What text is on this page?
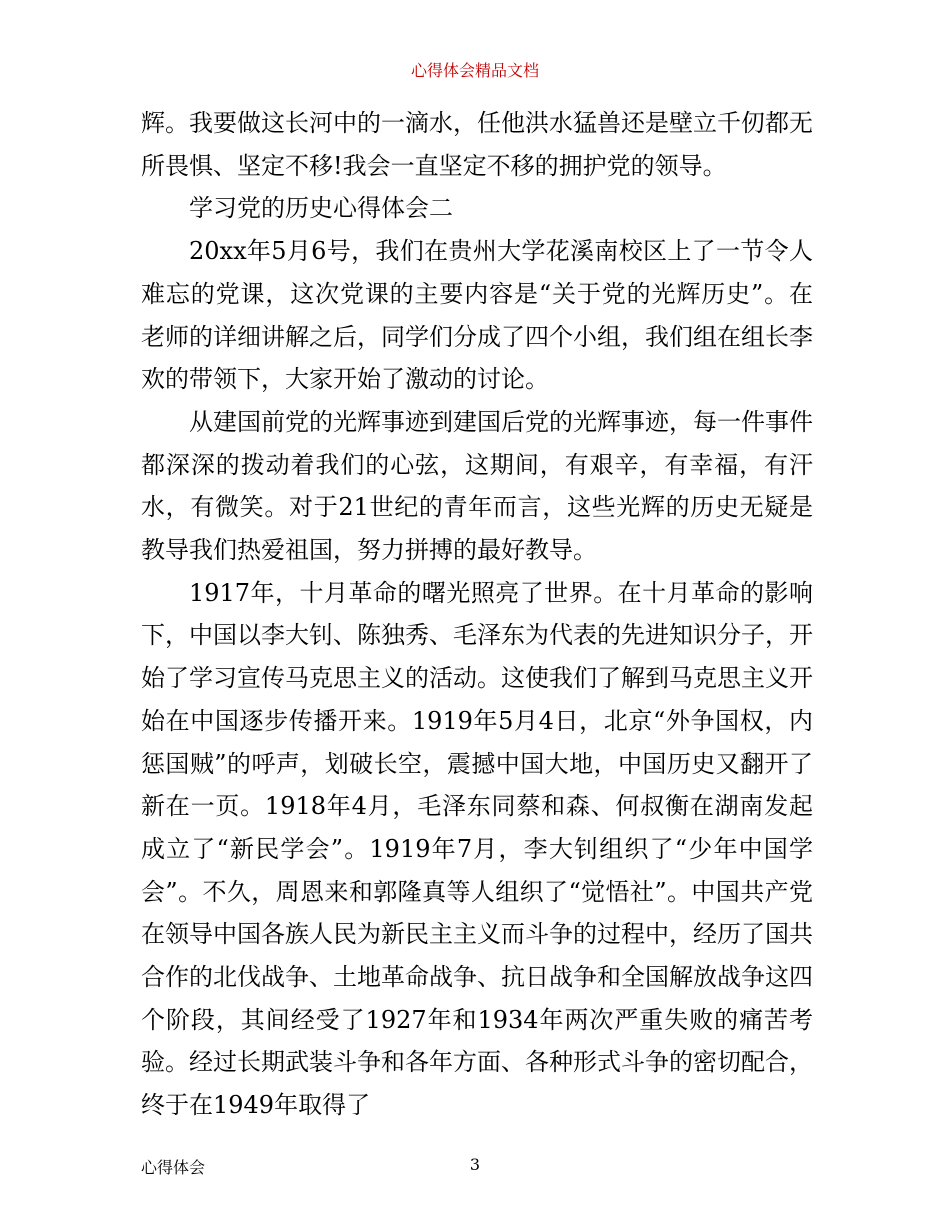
心得体会精品文档

辉。我要做这长河中的一滴水，任他洪水猛兽还是壁立千仞都无所畏惧、坚定不移!我会一直坚定不移的拥护党的领导。

学习党的历史心得体会二

20xx年5月6号，我们在贵州大学花溪南校区上了一节令人难忘的党课，这次党课的主要内容是“关于党的光辉历史”。在老师的详细讲解之后，同学们分成了四个小组，我们组在组长李欢的带领下，大家开始了激动的讨论。

从建国前党的光辉事迹到建国后党的光辉事迹，每一件事件都深深的拨动着我们的心弦，这期间，有艰辛，有幸福，有汗水，有微笑。对于21世纪的青年而言，这些光辉的历史无疑是教导我们热爱祖国，努力拼搏的最好教导。

1917年，十月革命的曙光照亮了世界。在十月革命的影响下，中国以李大钊、陈独秀、毛泽东为代表的先进知识分子，开始了学习宣传马克思主义的活动。这使我们了解到马克思主义开始在中国逐步传播开来。1919年5月4日，北京“外争国权，内惩国贼”的呼声，划破长空，震撼中国大地，中国历史又翻开了新在一页。1918年4月，毛泽东同蔡和森、何叔衡在湖南发起成立了“新民学会”。1919年7月，李大钊组织了“少年中国学会”。不久，周恩来和郭隆真等人组织了“觉悟社”。中国共产党在领导中国各族人民为新民主主义而斗争的过程中，经历了国共合作的北伐战争、土地革命战争、抗日战争和全国解放战争这四个阶段，其间经受了1927年和1934年两次严重失败的痛苦考验。经过长期武装斗争和各年方面、各种形式斗争的密切配合，终于在1949年取得了

心得体会	3
